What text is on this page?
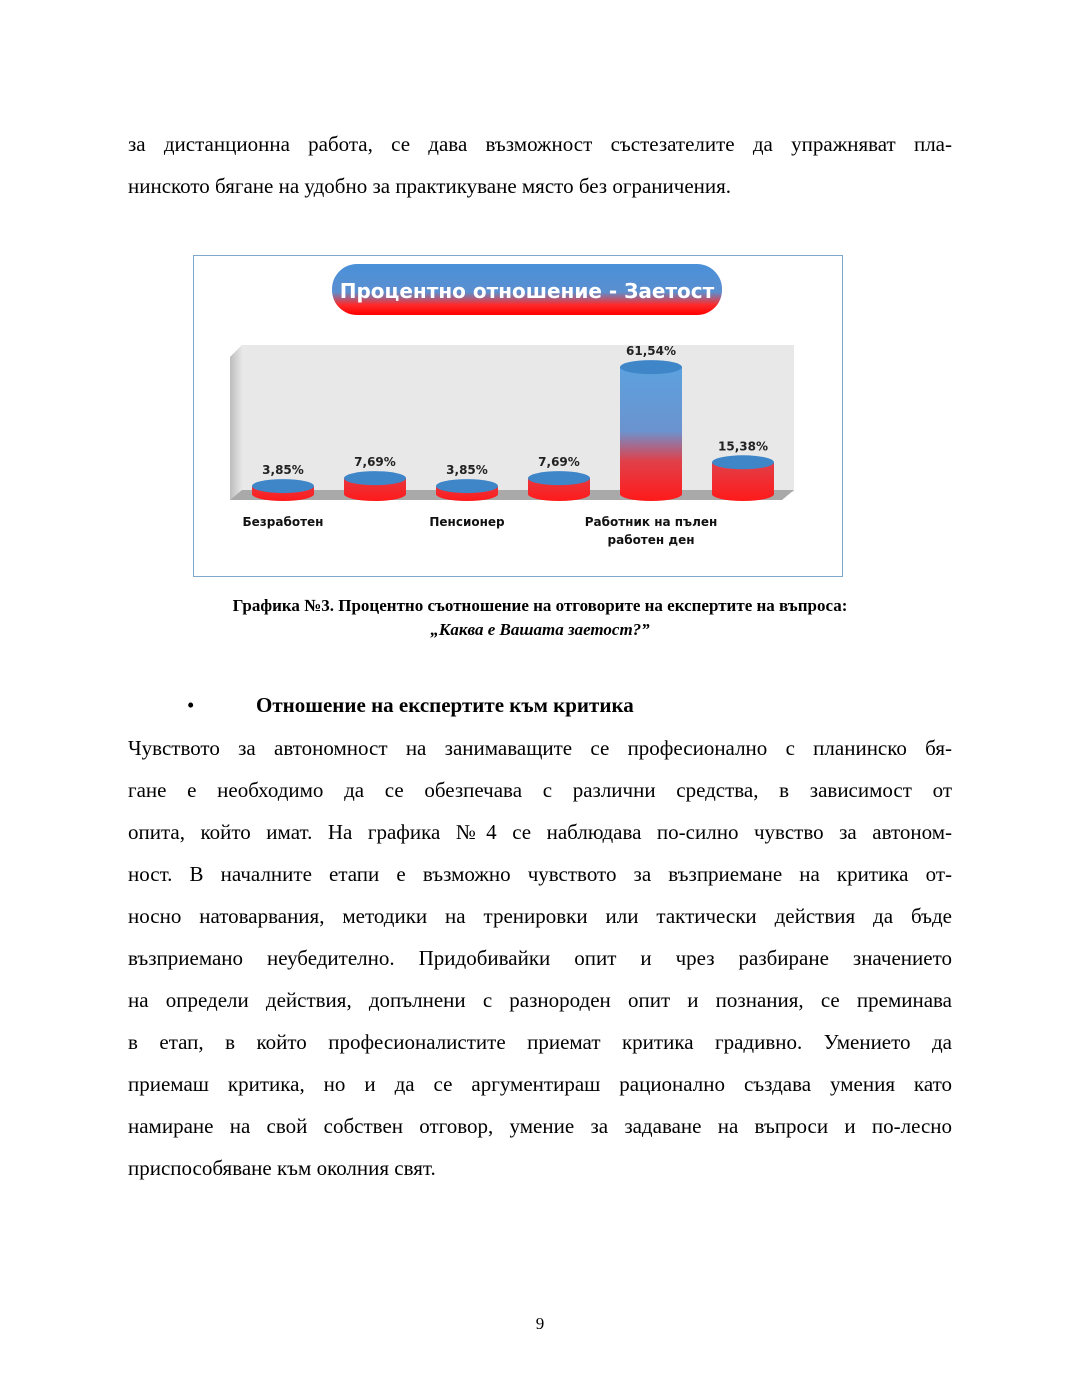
за дистанционна работа, се дава възможност състезателите да упражняват пла-
нинското бягане на удобно за практикуване място без ограничения.
Процентно отношение - Заетост
3,85%
7,69%
3,85%
7,69%
61,54%
15,38%
Безработен	Пенсионер	Работник на пълен работен ден
Графика №3. Процентно съотношение на отговорите на експертите на въпроса:
„Каква е Вашата заетост?”
•	Отношение на експертите към критика
Чувството за автономност на занимаващите се професионално с планинско бя-
гане е необходимо да се обезпечава с различни средства, в зависимост от
опита, който имат. На графика №4 се наблюдава по-силно чувство за автоном-
ност. В началните етапи е възможно чувството за възприемане на критика от-
носно натоварвания, методики на тренировки или тактически действия да бъде
възприемано неубедително. Придобивайки опит и чрез разбиране значението
на определи действия, допълнени с разнороден опит и познания, се преминава
в етап, в който професионалистите приемат критика градивно. Умението да
приемаш критика, но и да се аргументираш рационално създава умения като
намиране на свой собствен отговор, умение за задаване на въпроси и по-лесно
приспособяване към околния свят.
9
